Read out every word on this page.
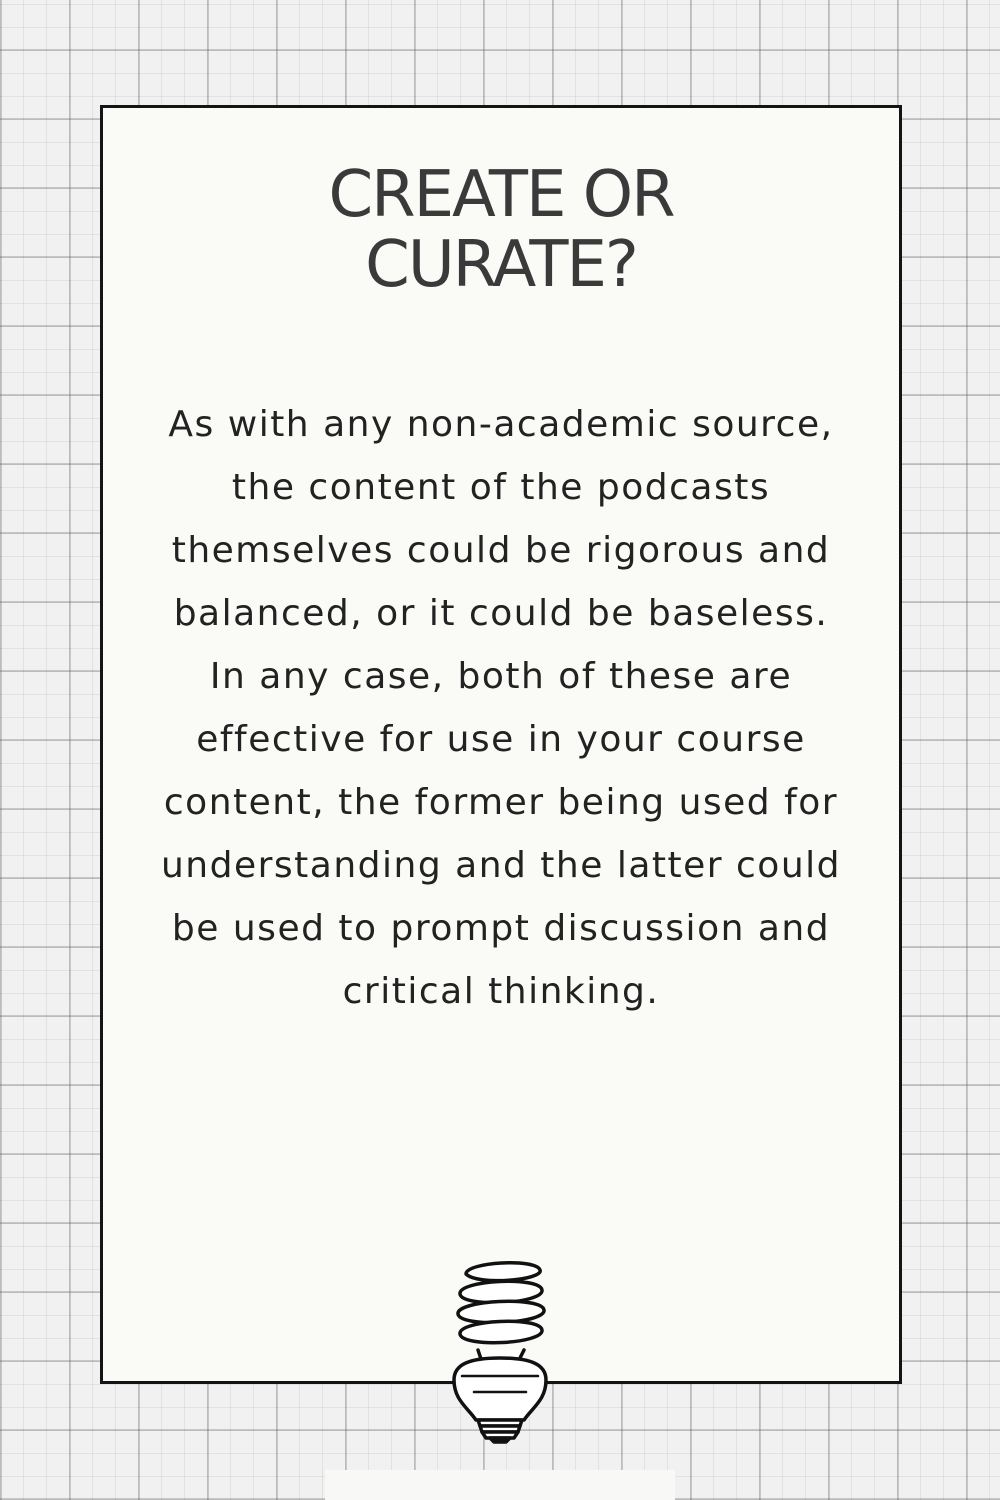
CREATE OR CURATE?

As with any non-academic source, the content of the podcasts themselves could be rigorous and balanced, or it could be baseless. In any case, both of these are effective for use in your course content, the former being used for understanding and the latter could be used to prompt discussion and critical thinking.
